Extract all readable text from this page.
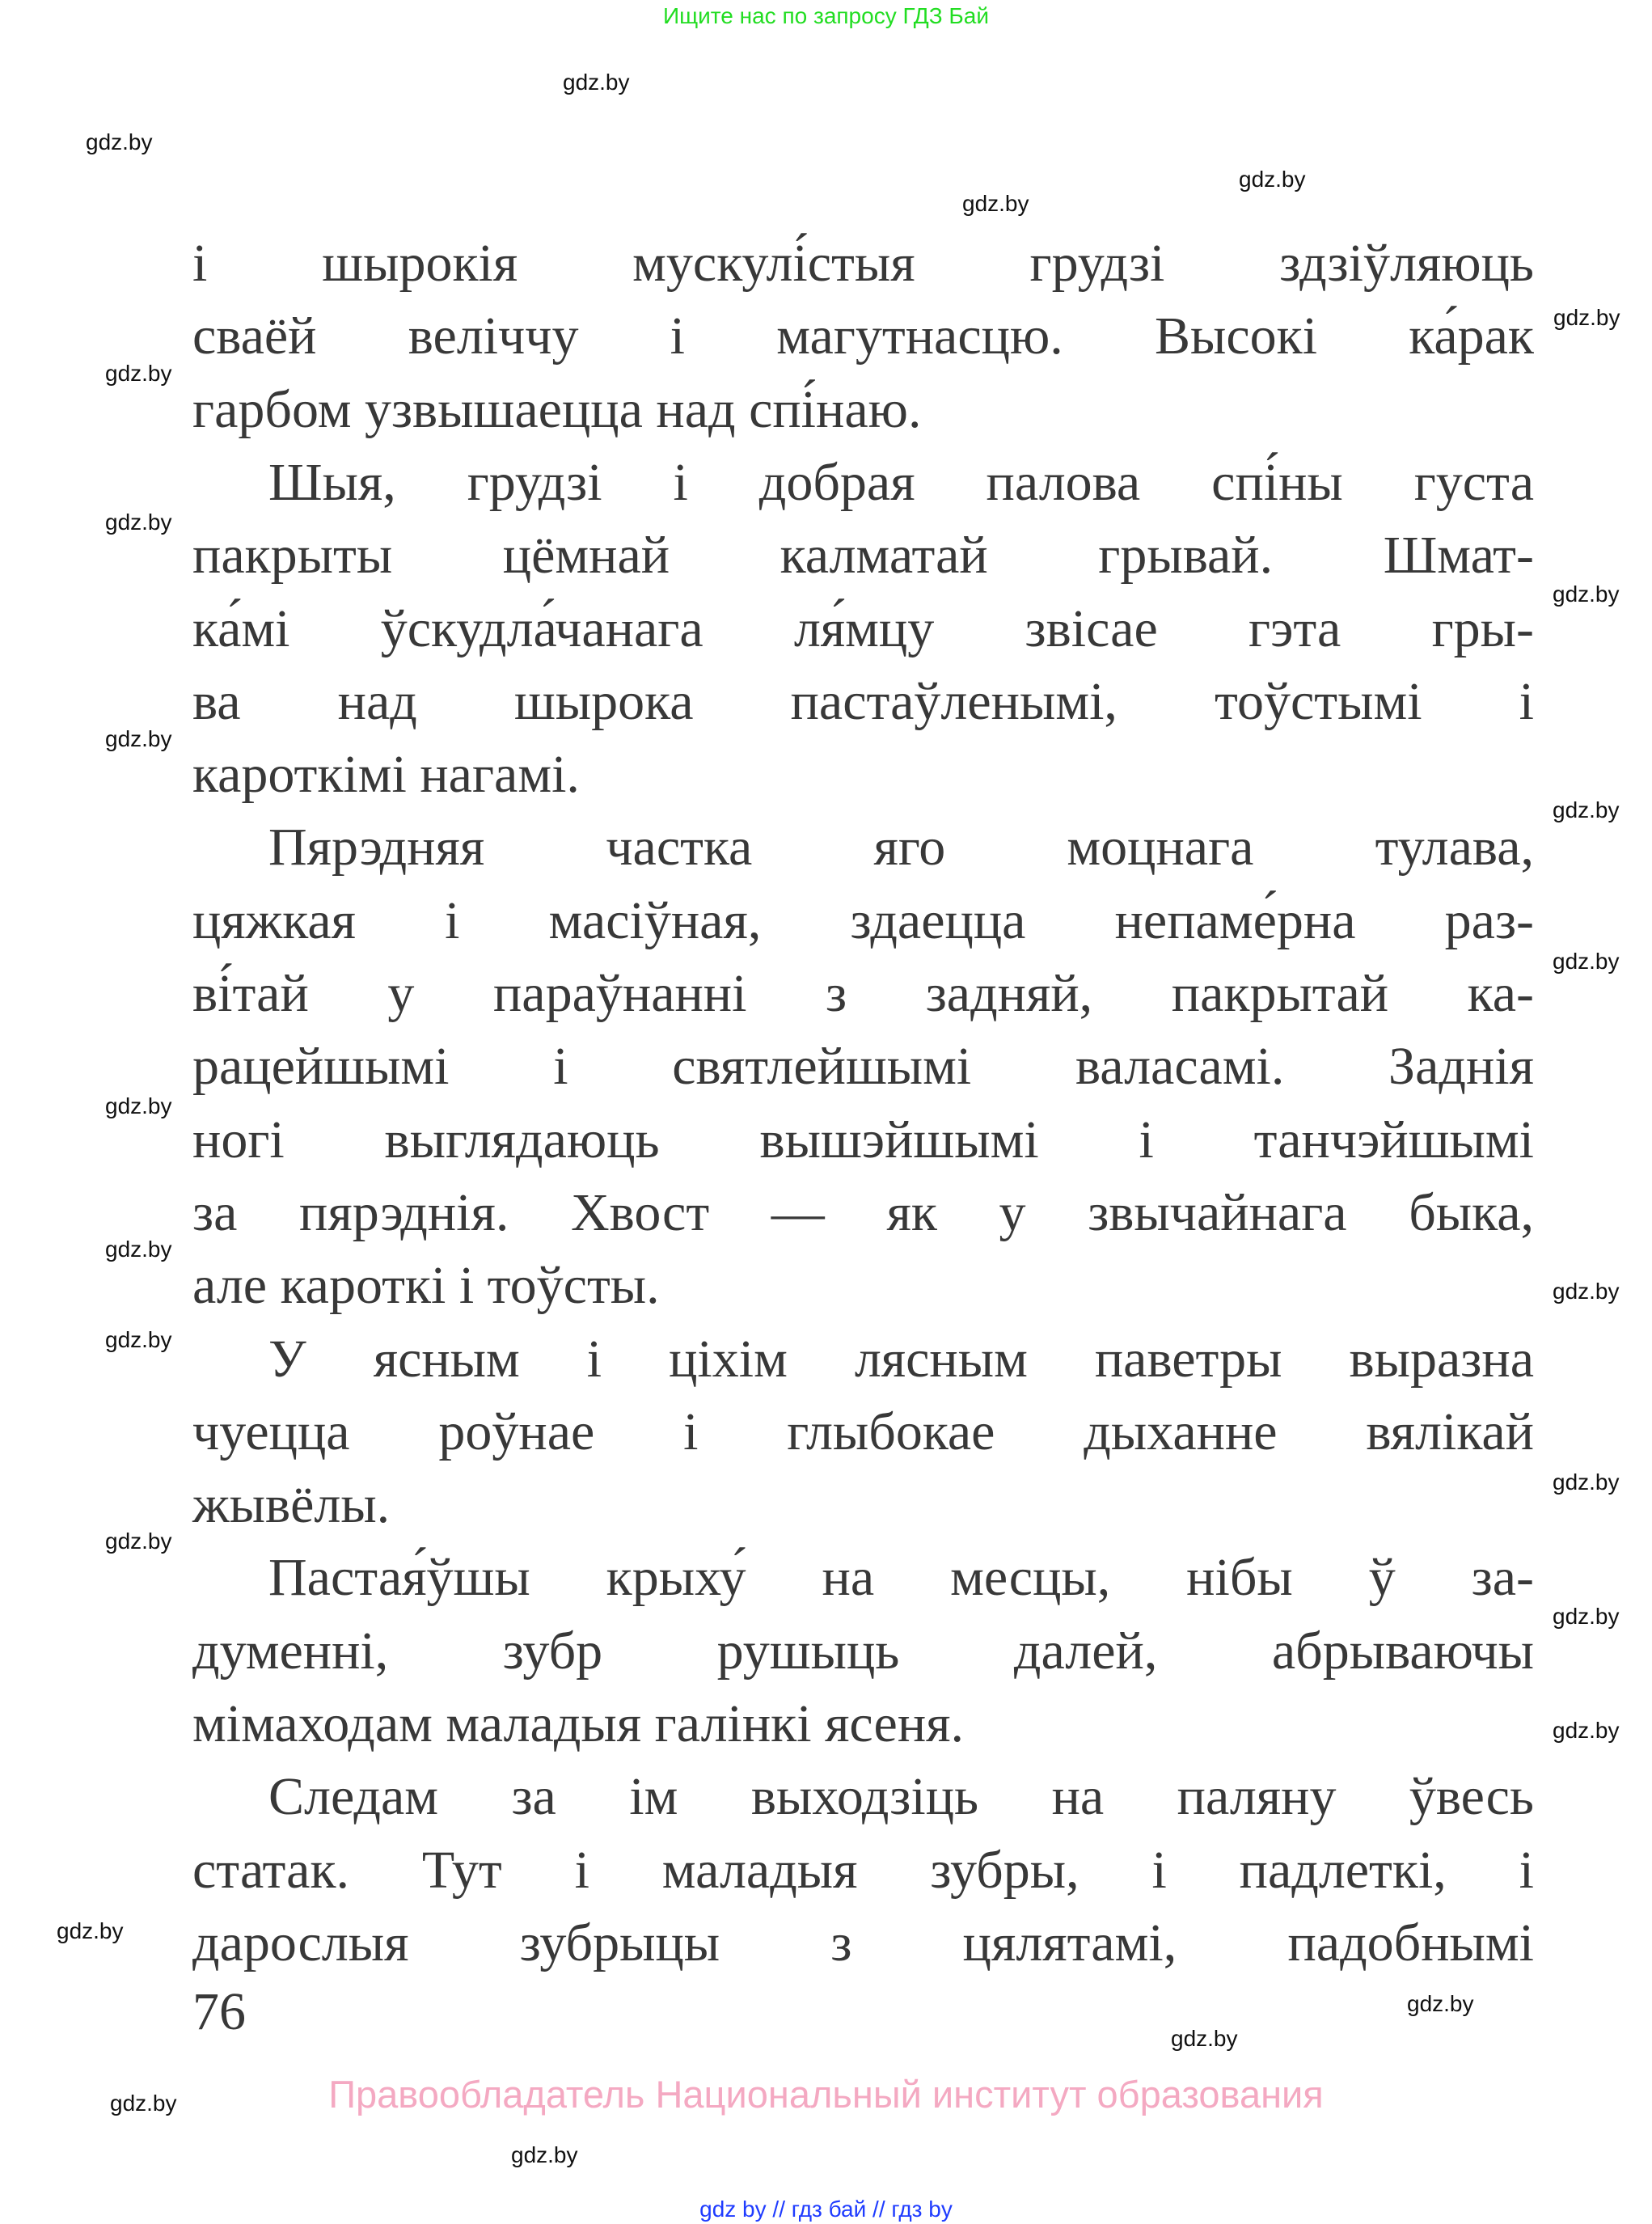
Ищите нас по запросу ГДЗ Бай
gdz.by
gdz.by
gdz.by
gdz.by
gdz.by
gdz.by
gdz.by
gdz.by
gdz.by
gdz.by
gdz.by
gdz.by
gdz.by
gdz.by
gdz.by
gdz.by
gdz.by
gdz.by
gdz.by
gdz.by
gdz.by
gdz.by
gdz.by
gdz.by
і шырокія мускулі́стыя грудзі здзіўляюць
сваёй веліччу і магутнасцю. Высокі ка́рак
гарбом узвышаецца над спі́наю.
Шыя, грудзі і добрая палова спі́ны густа
пакрыты цёмнай калматай грывай. Шмат-
ка́мі ўскудла́чанага ля́мцу звісае гэта гры-
ва над шырока пастаўленымі, тоўстымі і
кароткімі нагамі.
Пярэдняя частка яго моцнага тулава,
цяжкая і масіўная, здаецца непаме́рна раз-
ві́тай у параўнанні з задняй, пакрытай ка-
рацейшымі і святлейшымі валасамі. Заднія
ногі выглядаюць вышэйшымі і танчэйшымі
за пярэднія. Хвост — як у звычайнага быка,
але кароткі і тоўсты.
У ясным і ціхім лясным паветры выразна
чуецца роўнае і глыбокае дыханне вялікай
жывёлы.
Пастая́ўшы крыху́ на месцы, нібы ў за-
думенні, зубр рушыць далей, абрываючы
мімаходам маладыя галінкі ясеня.
Следам за ім выходзіць на паляну ўвесь
статак. Тут і маладыя зубры, і падлеткі, і
дарослыя зубрыцы з цялятамі, падобнымі
76
Правообладатель Национальный институт образования
gdz by // гдз бай // гдз by
